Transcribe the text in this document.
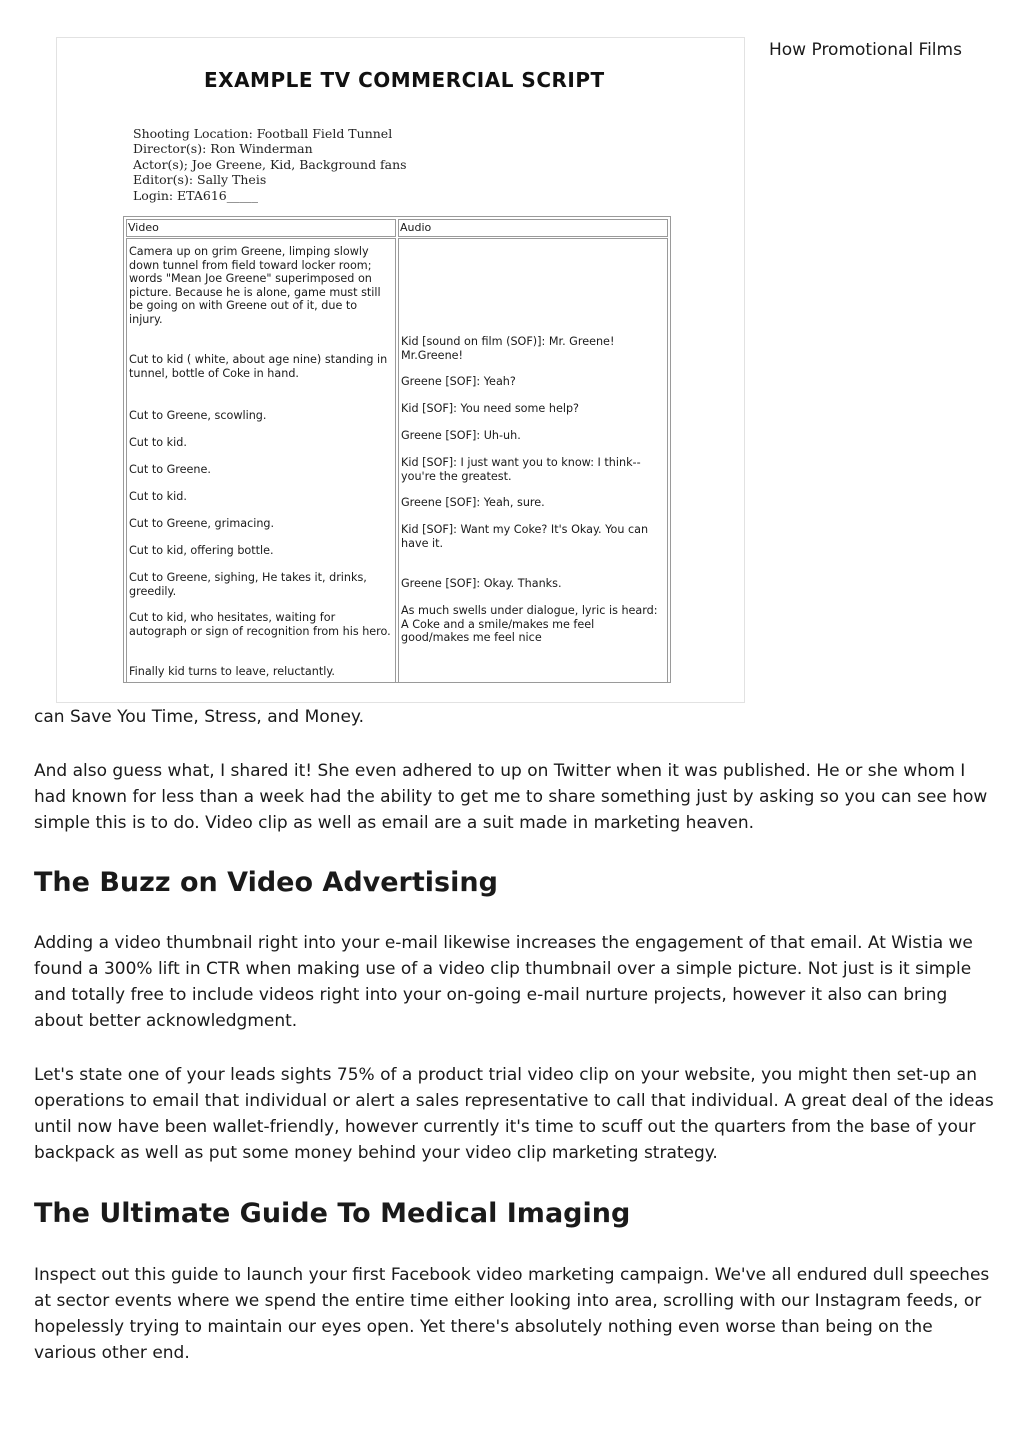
How Promotional Films
EXAMPLE TV COMMERCIAL SCRIPT
Shooting Location: Football Field Tunnel
Director(s): Ron Winderman
Actor(s); Joe Greene, Kid, Background fans
Editor(s): Sally Theis
Login: ETA616_____
Video
Camera up on grim Greene, limping slowly down tunnel from field toward locker room; words "Mean Joe Greene" superimposed on picture. Because he is alone, game must still be going on with Greene out of it, due to injury.
Cut to kid ( white, about age nine) standing in tunnel, bottle of Coke in hand.
Cut to Greene, scowling.
Cut to kid.
Cut to Greene.
Cut to kid.
Cut to Greene, grimacing.
Cut to kid, offering bottle.
Cut to Greene, sighing, He takes it, drinks, greedily.
Cut to kid, who hesitates, waiting for autograph or sign of recognition from his hero.
Finally kid turns to leave, reluctantly.
Audio
Kid [sound on film (SOF)]: Mr. Greene! Mr.Greene!
Greene [SOF]: Yeah?
Kid [SOF]: You need some help?
Greene [SOF]: Uh-uh.
Kid [SOF]: I just want you to know: I think--you're the greatest.
Greene [SOF]: Yeah, sure.
Kid [SOF]: Want my Coke? It's Okay. You can have it.
Greene [SOF]: Okay. Thanks.
As much swells under dialogue, lyric is heard: A Coke and a smile/makes me feel good/makes me feel nice

can Save You Time, Stress, and Money.

And also guess what, I shared it! She even adhered to up on Twitter when it was published. He or she whom I had known for less than a week had the ability to get me to share something just by asking so you can see how simple this is to do. Video clip as well as email are a suit made in marketing heaven.

The Buzz on Video Advertising

Adding a video thumbnail right into your e-mail likewise increases the engagement of that email. At Wistia we found a 300% lift in CTR when making use of a video clip thumbnail over a simple picture. Not just is it simple and totally free to include videos right into your on-going e-mail nurture projects, however it also can bring about better acknowledgment.

Let's state one of your leads sights 75% of a product trial video clip on your website, you might then set-up an operations to email that individual or alert a sales representative to call that individual. A great deal of the ideas until now have been wallet-friendly, however currently it's time to scuff out the quarters from the base of your backpack as well as put some money behind your video clip marketing strategy.

The Ultimate Guide To Medical Imaging

Inspect out this guide to launch your first Facebook video marketing campaign. We've all endured dull speeches at sector events where we spend the entire time either looking into area, scrolling with our Instagram feeds, or hopelessly trying to maintain our eyes open. Yet there's absolutely nothing even worse than being on the various other end.
